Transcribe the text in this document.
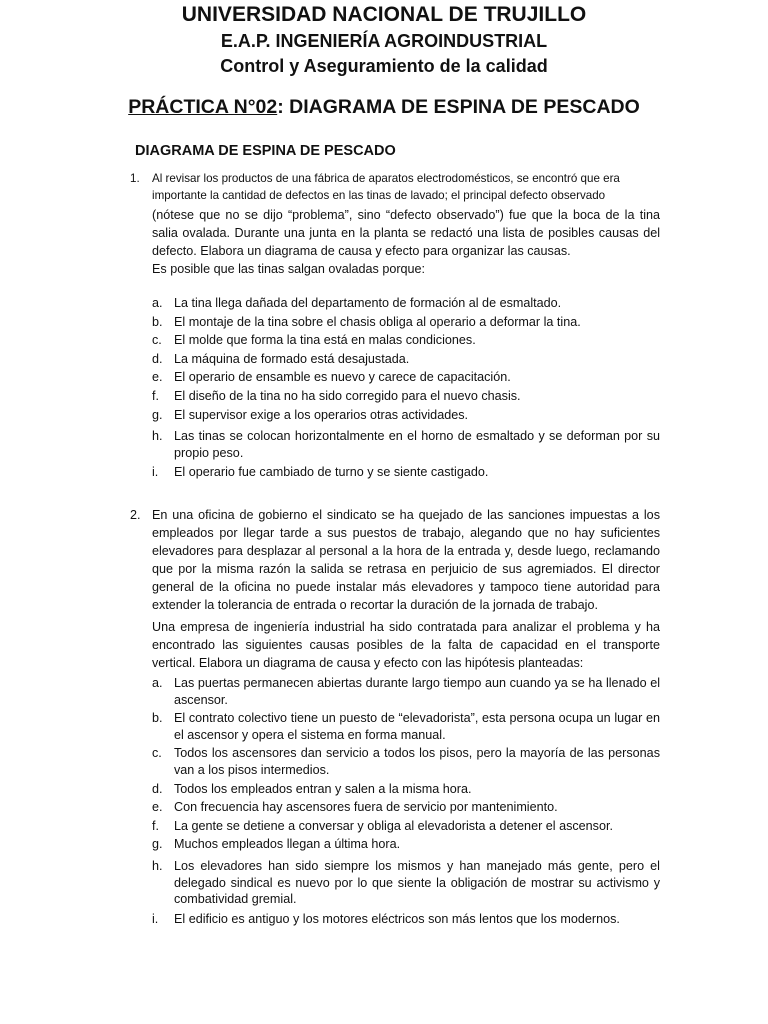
UNIVERSIDAD NACIONAL DE TRUJILLO
E.A.P. INGENIERÍA AGROINDUSTRIAL
Control y Aseguramiento de la calidad
PRÁCTICA N°02: DIAGRAMA DE ESPINA DE PESCADO
DIAGRAMA DE ESPINA DE PESCADO
1. Al revisar los productos de una fábrica de aparatos electrodomésticos, se encontró que era
importante la cantidad de defectos en las tinas de lavado; el principal defecto observado
(nótese que no se dijo “problema”, sino “defecto observado”) fue que la boca de la tina salia ovalada. Durante una junta en la planta se redactó una lista de posibles causas del defecto. Elabora un diagrama de causa y efecto para organizar las causas.
Es posible que las tinas salgan ovaladas porque:
a. La tina llega dañada del departamento de formación al de esmaltado.
b. El montaje de la tina sobre el chasis obliga al operario a deformar la tina.
c. El molde que forma la tina está en malas condiciones.
d. La máquina de formado está desajustada.
e. El operario de ensamble es nuevo y carece de capacitación.
f. El diseño de la tina no ha sido corregido para el nuevo chasis.
g. El supervisor exige a los operarios otras actividades.
h. Las tinas se colocan horizontalmente en el horno de esmaltado y se deforman por su propio peso.
i. El operario fue cambiado de turno y se siente castigado.
2. En una oficina de gobierno el sindicato se ha quejado de las sanciones impuestas a los empleados por llegar tarde a sus puestos de trabajo, alegando que no hay suficientes elevadores para desplazar al personal a la hora de la entrada y, desde luego, reclamando que por la misma razón la salida se retrasa en perjuicio de sus agremiados. El director general de la oficina no puede instalar más elevadores y tampoco tiene autoridad para extender la tolerancia de entrada o recortar la duración de la jornada de trabajo.
Una empresa de ingeniería industrial ha sido contratada para analizar el problema y ha encontrado las siguientes causas posibles de la falta de capacidad en el transporte vertical. Elabora un diagrama de causa y efecto con las hipótesis planteadas:
a. Las puertas permanecen abiertas durante largo tiempo aun cuando ya se ha llenado el ascensor.
b. El contrato colectivo tiene un puesto de “elevadorista”, esta persona ocupa un lugar en el ascensor y opera el sistema en forma manual.
c. Todos los ascensores dan servicio a todos los pisos, pero la mayoría de las personas van a los pisos intermedios.
d. Todos los empleados entran y salen a la misma hora.
e. Con frecuencia hay ascensores fuera de servicio por mantenimiento.
f. La gente se detiene a conversar y obliga al elevadorista a detener el ascensor.
g. Muchos empleados llegan a última hora.
h. Los elevadores han sido siempre los mismos y han manejado más gente, pero el delegado sindical es nuevo por lo que siente la obligación de mostrar su activismo y combatividad gremial.
i. El edificio es antiguo y los motores eléctricos son más lentos que los modernos.
